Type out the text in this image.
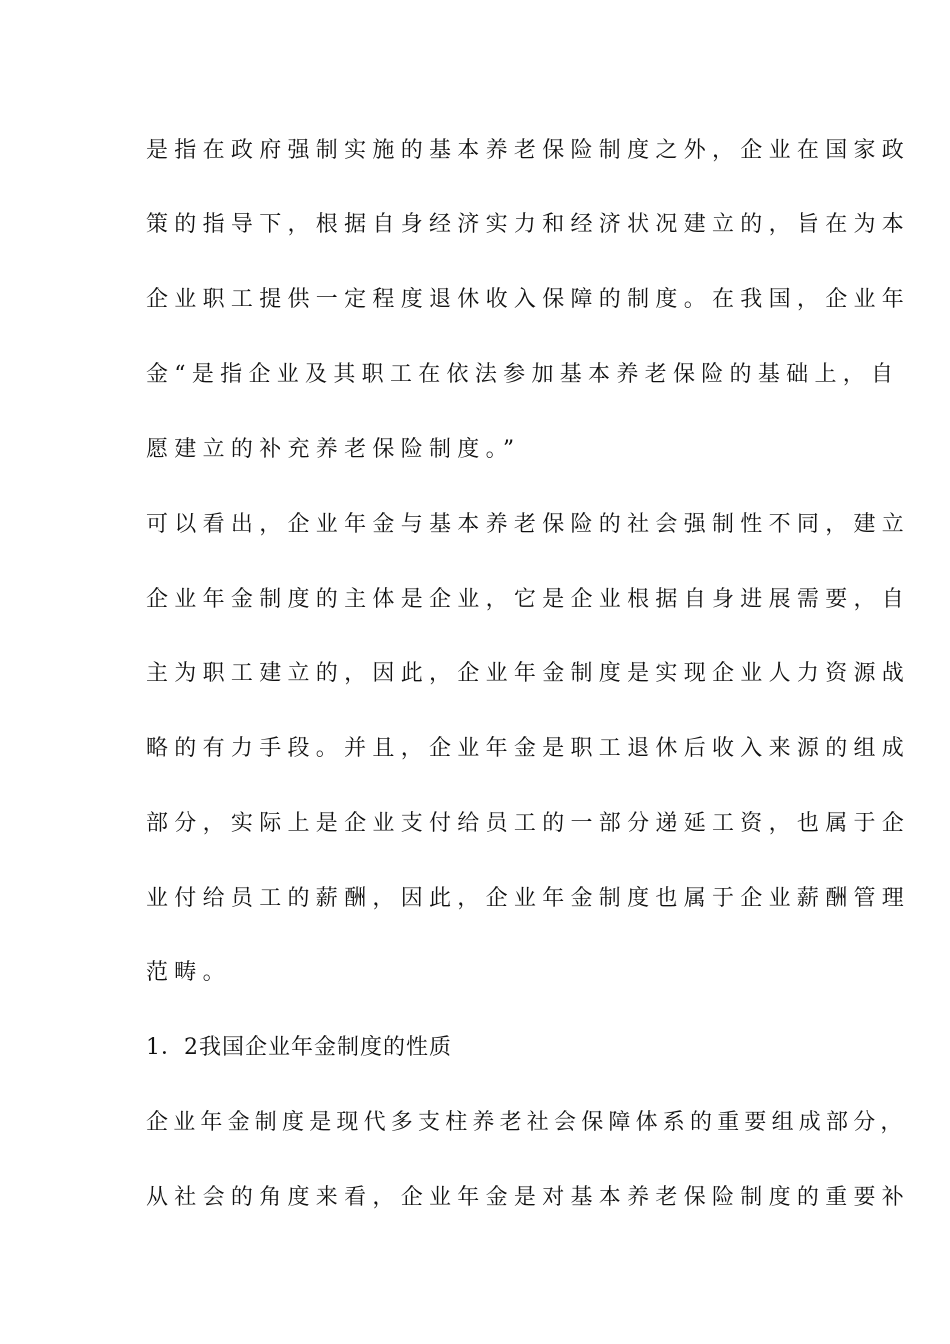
是指在政府强制实施的基本养老保险制度之外，企业在国家政
策的指导下，根据自身经济实力和经济状况建立的，旨在为本
企业职工提供一定程度退休收入保障的制度。在我国，企业年
金“是指企业及其职工在依法参加基本养老保险的基础上，自
愿建立的补充养老保险制度。”
可以看出，企业年金与基本养老保险的社会强制性不同，建立
企业年金制度的主体是企业，它是企业根据自身进展需要，自
主为职工建立的，因此，企业年金制度是实现企业人力资源战
略的有力手段。并且，企业年金是职工退休后收入来源的组成
部分，实际上是企业支付给员工的一部分递延工资，也属于企
业付给员工的薪酬，因此，企业年金制度也属于企业薪酬管理
范畴。
1．2我国企业年金制度的性质
企业年金制度是现代多支柱养老社会保障体系的重要组成部分，
从社会的角度来看，企业年金是对基本养老保险制度的重要补
